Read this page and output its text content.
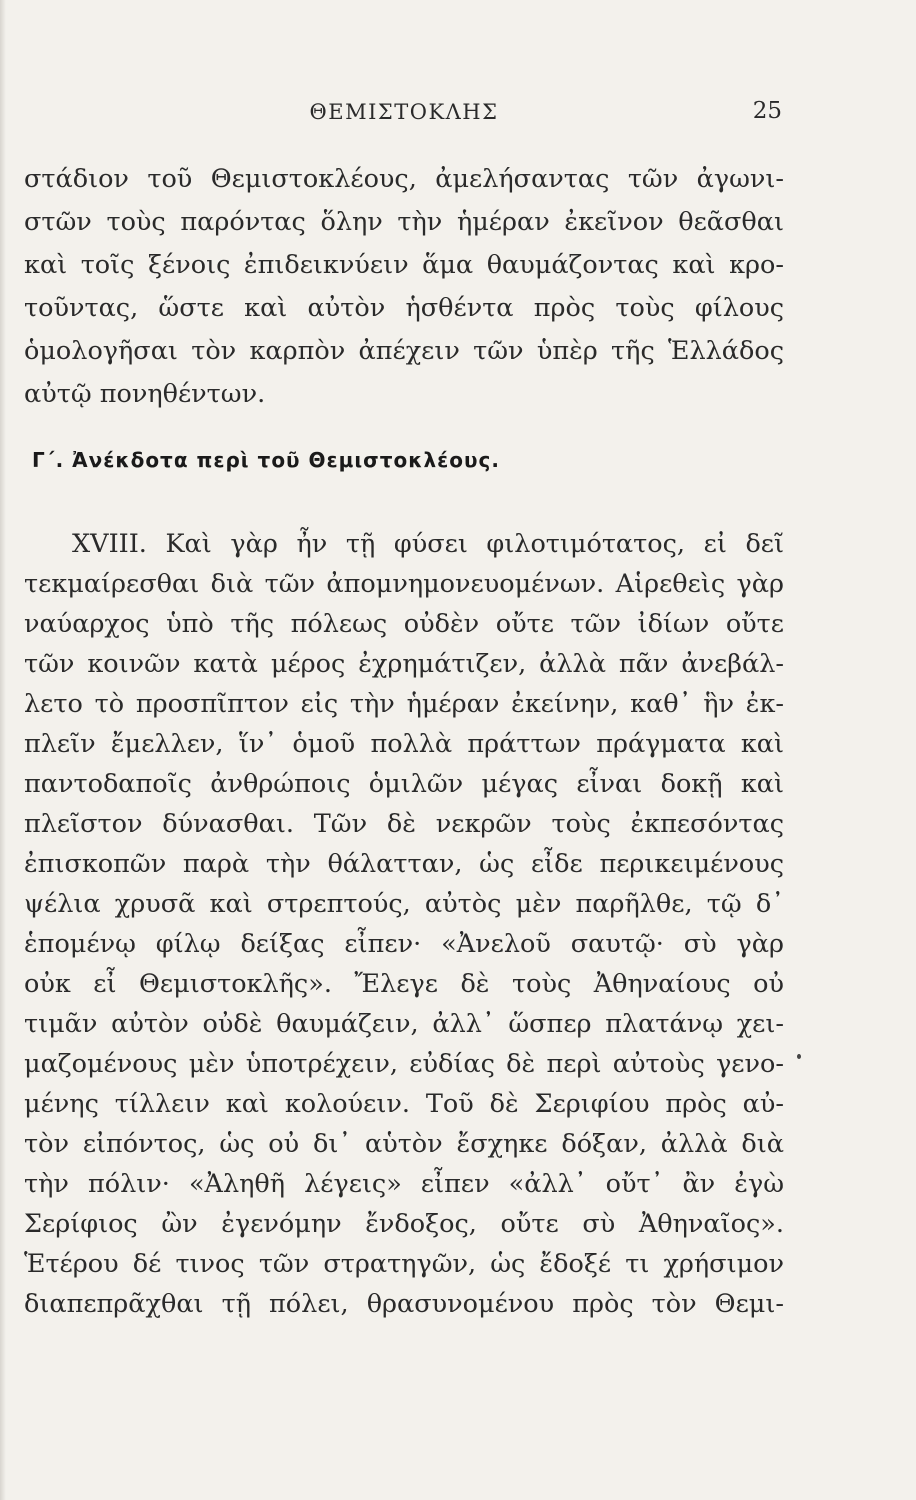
ΘΕΜΙΣΤΟΚΛΗΣ	25
στάδιον τοῦ Θεμιστοκλέους, ἀμελήσαντας τῶν ἀγωνι-
στῶν τοὺς παρόντας ὅλην τὴν ἡμέραν ἐκεῖνον θεᾶσθαι
καὶ τοῖς ξένοις ἐπιδεικνύειν ἅμα θαυμάζοντας καὶ κρο-
τοῦντας, ὥστε καὶ αὐτὸν ἡσθέντα πρὸς τοὺς φίλους
ὁμολογῆσαι τὸν καρπὸν ἀπέχειν τῶν ὑπὲρ τῆς Ἑλλάδος
αὐτῷ πονηθέντων.
Γ΄. Ἀνέκδοτα περὶ τοῦ Θεμιστοκλέους.
XVIII. Καὶ γὰρ ἦν τῇ φύσει φιλοτιμότατος, εἰ δεῖ
τεκμαίρεσθαι διὰ τῶν ἀπομνημονευομένων. Αἱρεθεὶς γὰρ
ναύαρχος ὑπὸ τῆς πόλεως οὐδὲν οὔτε τῶν ἰδίων οὔτε
τῶν κοινῶν κατὰ μέρος ἐχρημάτιζεν, ἀλλὰ πᾶν ἀνεβάλ-
λετο τὸ προσπῖπτον εἰς τὴν ἡμέραν ἐκείνην, καθ᾽ ἣν ἐκ-
πλεῖν ἔμελλεν, ἵν᾽ ὁμοῦ πολλὰ πράττων πράγματα καὶ
παντοδαποῖς ἀνθρώποις ὁμιλῶν μέγας εἶναι δοκῇ καὶ
πλεῖστον δύνασθαι. Τῶν δὲ νεκρῶν τοὺς ἐκπεσόντας
ἐπισκοπῶν παρὰ τὴν θάλατταν, ὡς εἶδε περικειμένους
ψέλια χρυσᾶ καὶ στρεπτούς, αὐτὸς μὲν παρῆλθε, τῷ δ᾽
ἑπομένῳ φίλῳ δείξας εἶπεν· «Ἀνελοῦ σαυτῷ· σὺ γὰρ
οὐκ εἶ Θεμιστοκλῆς». Ἔλεγε δὲ τοὺς Ἀθηναίους οὐ
τιμᾶν αὐτὸν οὐδὲ θαυμάζειν, ἀλλ᾽ ὥσπερ πλατάνῳ χει-
μαζομένους μὲν ὑποτρέχειν, εὐδίας δὲ περὶ αὐτοὺς γενο-
μένης τίλλειν καὶ κολούειν. Τοῦ δὲ Σεριφίου πρὸς αὐ-
τὸν εἰπόντος, ὡς οὐ δι᾽ αὑτὸν ἔσχηκε δόξαν, ἀλλὰ διὰ
τὴν πόλιν· «Ἀληθῆ λέγεις» εἶπεν «ἀλλ᾽ οὔτ᾽ ἂν ἐγὼ
Σερίφιος ὢν ἐγενόμην ἔνδοξος, οὔτε σὺ Ἀθηναῖος».
Ἑτέρου δέ τινος τῶν στρατηγῶν, ὡς ἔδοξέ τι χρήσιμον
διαπεπρᾶχθαι τῇ πόλει, θρασυνομένου πρὸς τὸν Θεμι-
